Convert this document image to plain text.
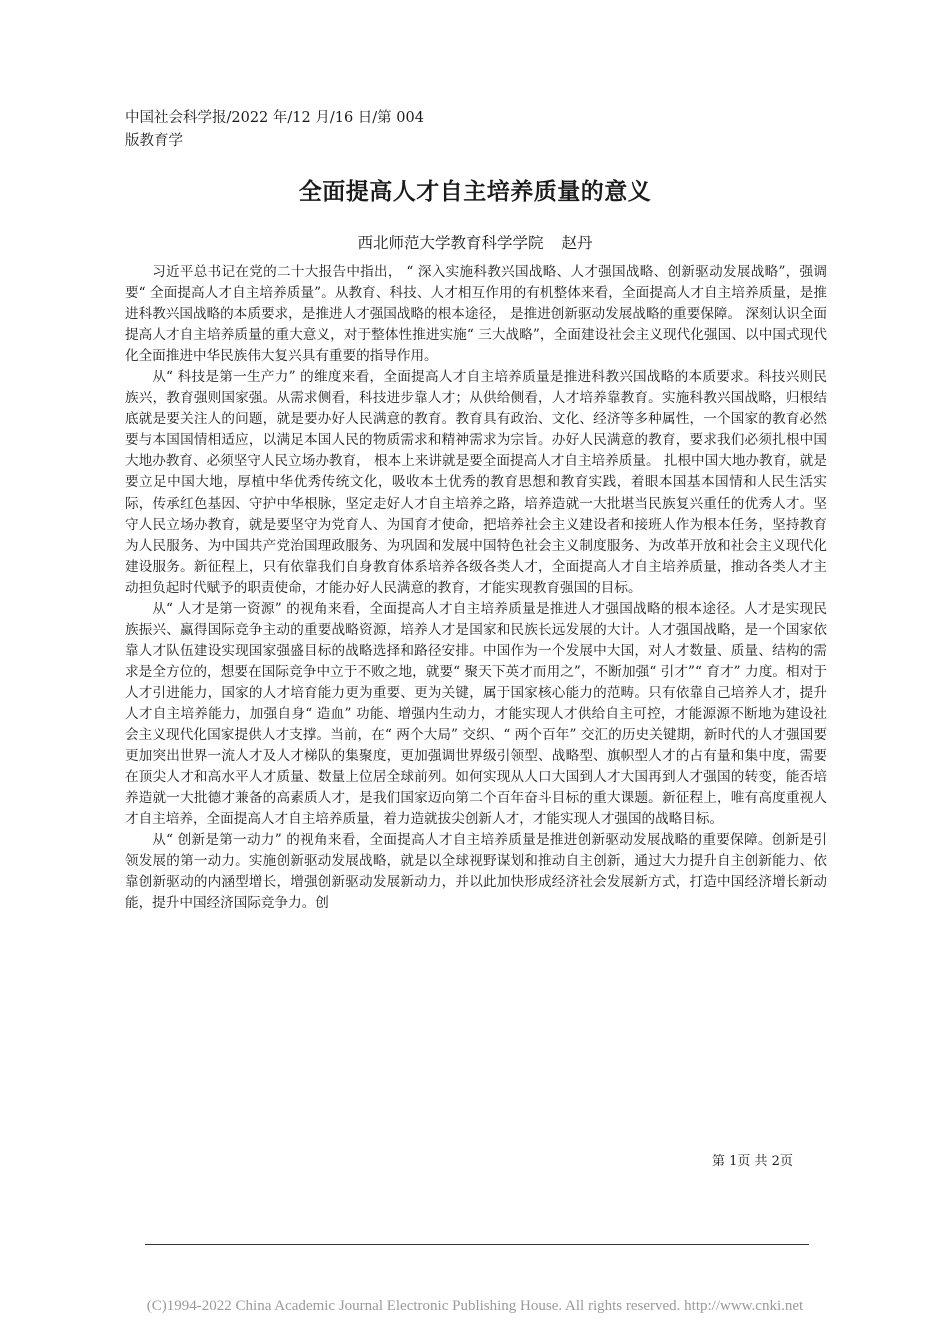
中国社会科学报/2022 年/12 月/16 日/第 004
版教育学
全面提高人才自主培养质量的意义
西北师范大学教育科学学院 赵丹

习近平总书记在党的二十大报告中指出， “ 深入实施科教兴国战略、人才强国战略、创新驱动发展战略”，强调要“ 全面提高人才自主培养质量”。从教育、科技、人才相互作用的有机整体来看，全面提高人才自主培养质量，是推进科教兴国战略的本质要求，是推进人才强国战略的根本途径， 是推进创新驱动发展战略的重要保障。 深刻认识全面提高人才自主培养质量的重大意义，对于整体性推进实施“ 三大战略”，全面建设社会主义现代化强国、以中国式现代化全面推进中华民族伟大复兴具有重要的指导作用。

从“ 科技是第一生产力” 的维度来看，全面提高人才自主培养质量是推进科教兴国战略的本质要求。科技兴则民族兴，教育强则国家强。从需求侧看，科技进步靠人才；从供给侧看，人才培养靠教育。实施科教兴国战略，归根结底就是要关注人的问题，就是要办好人民满意的教育。教育具有政治、文化、经济等多种属性，一个国家的教育必然要与本国国情相适应，以满足本国人民的物质需求和精神需求为宗旨。办好人民满意的教育，要求我们必须扎根中国大地办教育、必须坚守人民立场办教育， 根本上来讲就是要全面提高人才自主培养质量。 扎根中国大地办教育，就是要立足中国大地，厚植中华优秀传统文化，吸收本土优秀的教育思想和教育实践，着眼本国基本国情和人民生活实际，传承红色基因、守护中华根脉，坚定走好人才自主培养之路，培养造就一大批堪当民族复兴重任的优秀人才。坚守人民立场办教育，就是要坚守为党育人、为国育才使命，把培养社会主义建设者和接班人作为根本任务，坚持教育为人民服务、为中国共产党治国理政服务、为巩固和发展中国特色社会主义制度服务、为改革开放和社会主义现代化建设服务。新征程上，只有依靠我们自身教育体系培养各级各类人才，全面提高人才自主培养质量，推动各类人才主动担负起时代赋予的职责使命，才能办好人民满意的教育，才能实现教育强国的目标。

从“ 人才是第一资源” 的视角来看，全面提高人才自主培养质量是推进人才强国战略的根本途径。人才是实现民族振兴、赢得国际竞争主动的重要战略资源，培养人才是国家和民族长远发展的大计。人才强国战略，是一个国家依靠人才队伍建设实现国家强盛目标的战略选择和路径安排。中国作为一个发展中大国，对人才数量、质量、结构的需求是全方位的，想要在国际竞争中立于不败之地，就要“ 聚天下英才而用之”，不断加强“ 引才”“ 育才” 力度。相对于人才引进能力，国家的人才培育能力更为重要、更为关键，属于国家核心能力的范畴。只有依靠自己培养人才，提升人才自主培养能力，加强自身“ 造血” 功能、增强内生动力，才能实现人才供给自主可控，才能源源不断地为建设社会主义现代化国家提供人才支撑。当前，在“ 两个大局” 交织、“ 两个百年” 交汇的历史关键期，新时代的人才强国要更加突出世界一流人才及人才梯队的集聚度，更加强调世界级引领型、战略型、旗帜型人才的占有量和集中度，需要在顶尖人才和高水平人才质量、数量上位居全球前列。如何实现从人口大国到人才大国再到人才强国的转变，能否培养造就一大批德才兼备的高素质人才，是我们国家迈向第二个百年奋斗目标的重大课题。新征程上，唯有高度重视人才自主培养，全面提高人才自主培养质量，着力造就拔尖创新人才，才能实现人才强国的战略目标。

从“ 创新是第一动力” 的视角来看，全面提高人才自主培养质量是推进创新驱动发展战略的重要保障。创新是引领发展的第一动力。实施创新驱动发展战略，就是以全球视野谋划和推动自主创新，通过大力提升自主创新能力、依靠创新驱动的内涵型增长，增强创新驱动发展新动力，并以此加快形成经济社会发展新方式，打造中国经济增长新动能，提升中国经济国际竞争力。创

第 1页 共 2页
(C)1994-2022 China Academic Journal Electronic Publishing House. All rights reserved. http://www.cnki.net
